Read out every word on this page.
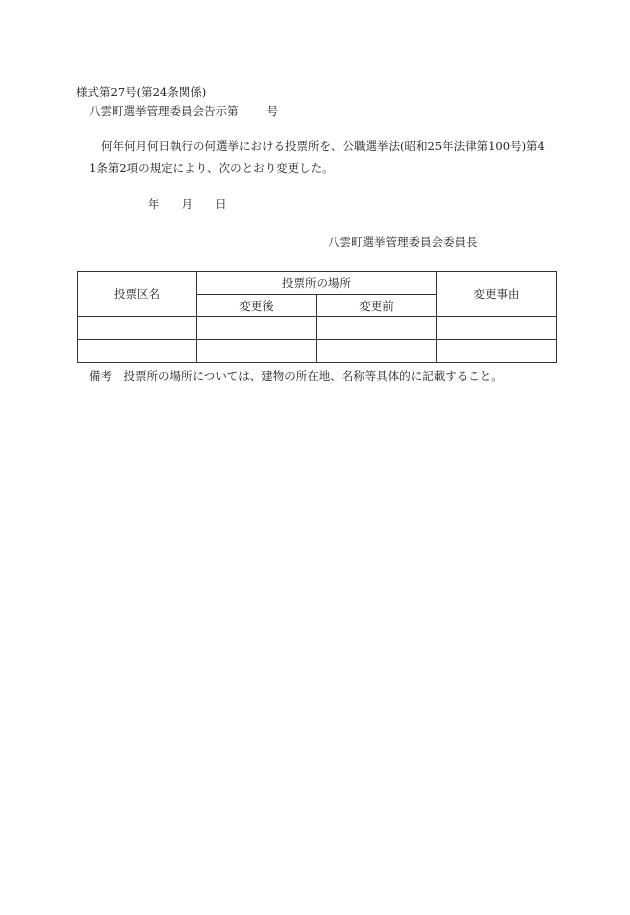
様式第27号(第24条関係)
八雲町選挙管理委員会告示第 号
何年何月何日執行の何選挙における投票所を、公職選挙法(昭和25年法律第100号)第4
1条第2項の規定により、次のとおり変更した。
年 月 日
八雲町選挙管理委員会委員長
投票区名	投票所の場所		変更事由
	変更後	変更前	

備考　投票所の場所については、建物の所在地、名称等具体的に記載すること。
